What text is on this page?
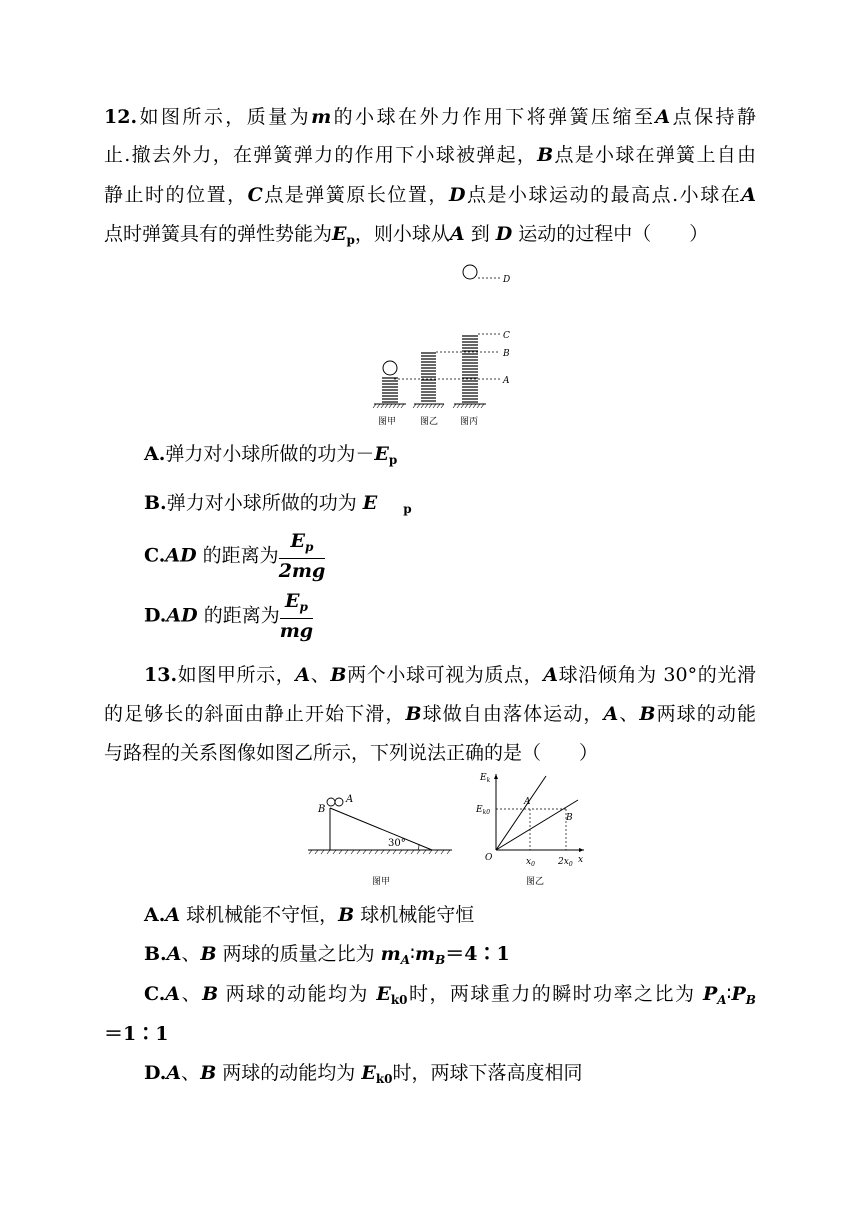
12.如图所示，质量为m的小球在外力作用下将弹簧压缩至A点保持静
止.撤去外力，在弹簧弹力的作用下小球被弹起，B点是小球在弹簧上自由
静止时的位置，C点是弹簧原长位置，D点是小球运动的最高点.小球在A
点时弹簧具有的弹性势能为$E_p$，则小球从A 到 D 运动的过程中（　　）
D
C
B
A
图甲	图乙 图丙
A.弹力对小球所做的功为$-E_p$
B.弹力对小球所做的功为 E $_p$
C.AD 的距离为 $\frac{E_p}{2mg}$
D.AD 的距离为 $\frac{E_p}{mg}$
13.如图甲所示，A、B两个小球可视为质点，A球沿倾角为 30°的光滑
的足够长的斜面由静止开始下滑，B球做自由落体运动，A、B两球的动能
与路程的关系图像如图乙所示，下列说法正确的是（　　）
B
A
30°
图甲
$E_k$
$E_{k0}$
O	x
$x_0$	$2x_0$
A
B
图乙
A.A 球机械能不守恒，B 球机械能守恒
B.A、B 两球的质量之比为 $m_A∶m_B=4∶1$
C.A、B 两球的动能均为 $E_{k0}$时，两球重力的瞬时功率之比为 $P_A∶P_B$
＝1∶1
D.A、B 两球的动能均为 $E_{k0}$时，两球下落高度相同
